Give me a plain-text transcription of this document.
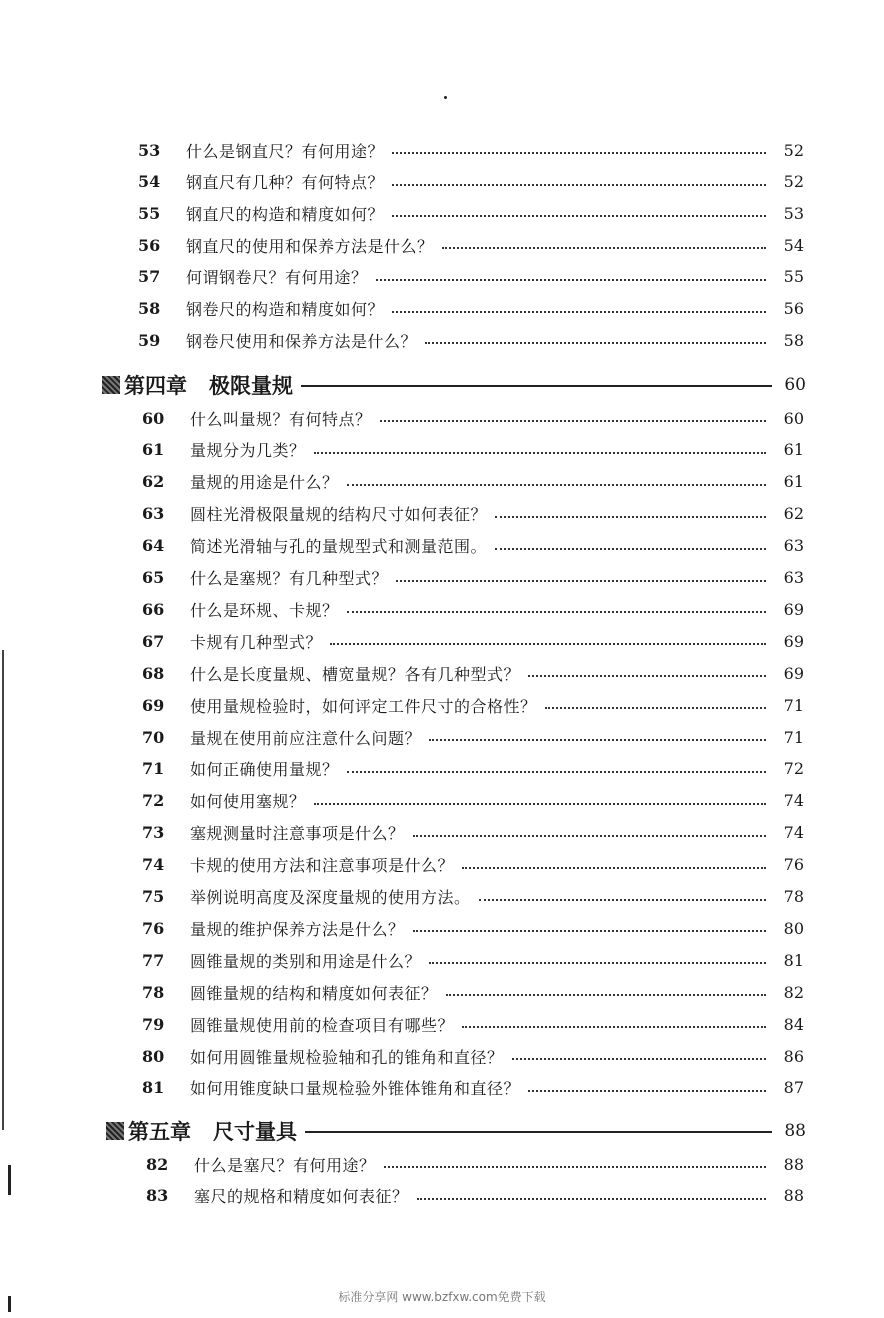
53	什么是钢直尺？有何用途？	52
54	钢直尺有几种？有何特点？	52
55	钢直尺的构造和精度如何？	53
56	钢直尺的使用和保养方法是什么？	54
57	何谓钢卷尺？有何用途？	55
58	钢卷尺的构造和精度如何？	56
59	钢卷尺使用和保养方法是什么？	58
第四章 极限量规	60
60	什么叫量规？有何特点？	60
61	量规分为几类？	61
62	量规的用途是什么？	61
63	圆柱光滑极限量规的结构尺寸如何表征？	62
64	简述光滑轴与孔的量规型式和测量范围。	63
65	什么是塞规？有几种型式？	63
66	什么是环规、卡规？	69
67	卡规有几种型式？	69
68	什么是长度量规、槽宽量规？各有几种型式？	69
69	使用量规检验时，如何评定工件尺寸的合格性？	71
70	量规在使用前应注意什么问题？	71
71	如何正确使用量规？	72
72	如何使用塞规？	74
73	塞规测量时注意事项是什么？	74
74	卡规的使用方法和注意事项是什么？	76
75	举例说明高度及深度量规的使用方法。	78
76	量规的维护保养方法是什么？	80
77	圆锥量规的类别和用途是什么？	81
78	圆锥量规的结构和精度如何表征？	82
79	圆锥量规使用前的检查项目有哪些？	84
80	如何用圆锥量规检验轴和孔的锥角和直径？	86
81	如何用锥度缺口量规检验外锥体锥角和直径？	87
第五章 尺寸量具	88
82	什么是塞尺？有何用途？	88
83	塞尺的规格和精度如何表征？	88
标准分享网 www.bzfxw.com免费下载
